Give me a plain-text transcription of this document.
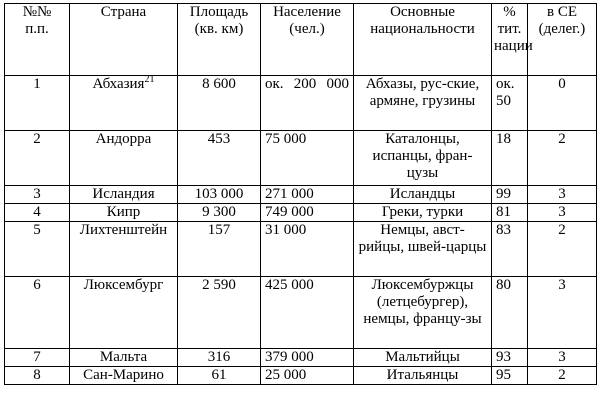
№№ п.п.	Страна	Площадь (кв. км)	Население (чел.)	Основные национальности	% тит. нации	в СЕ (делег.)
1	Абхазия$^{21}$	8 600	ок. 200 000	Абхазы, рус-ские, армяне, грузины	ок. 50	0
2	Андорра	453	75 000	Каталонцы, испанцы, фран-цузы	18	2
3	Исландия	103 000	271 000	Исландцы	99	3
4	Кипр	9 300	749 000	Греки, турки	81	3
5	Лихтенштейн	157	31 000	Немцы, авст-рийцы, швей-царцы	83	2
6	Люксембург	2 590	425 000	Люксембуржцы (летцебургер), немцы, францу-зы	80	3
7	Мальта	316	379 000	Мальтийцы	93	3
8	Сан-Марино	61	25 000	Итальянцы	95	2
